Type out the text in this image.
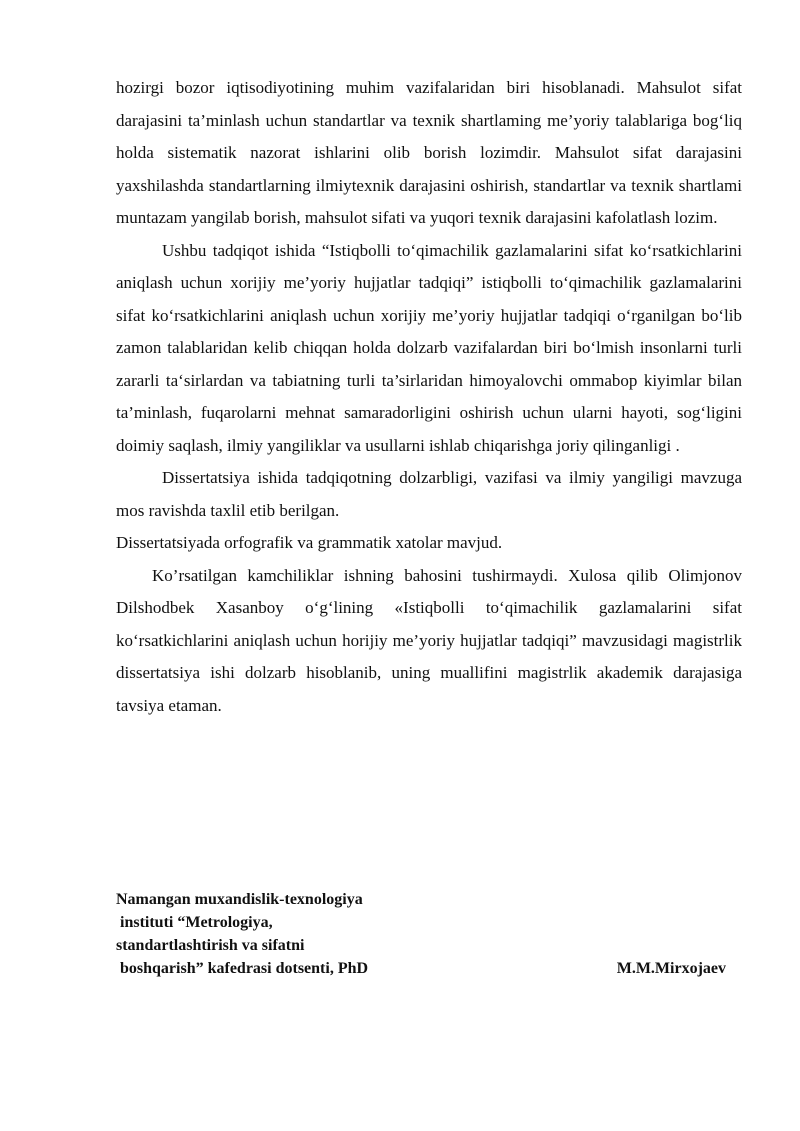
hozirgi bozor iqtisodiyotining muhim vazifalaridan biri hisoblanadi. Mahsulot sifat darajasini ta’minlash uchun standartlar va texnik shartlaming me’yoriy talablariga bog‘liq holda sistematik nazorat ishlarini olib borish lozimdir. Mahsulot sifat darajasini yaxshilashda standartlarning ilmiytexnik darajasini oshirish, standartlar va texnik shartlami muntazam yangilab borish, mahsulot sifati va yuqori texnik darajasini kafolatlash lozim.

Ushbu tadqiqot ishida “Istiqbolli to‘qimachilik gazlamalarini sifat ko‘rsatkichlarini aniqlash uchun xorijiy me’yoriy hujjatlar tadqiqi” istiqbolli to‘qimachilik gazlamalarini sifat ko‘rsatkichlarini aniqlash uchun xorijiy me’yoriy hujjatlar tadqiqi o‘rganilgan bo‘lib zamon talablaridan kelib chiqqan holda dolzarb vazifalardan biri bo‘lmish insonlarni turli zararli ta‘sirlardan va tabiatning turli ta’sirlaridan himoyalovchi ommabop kiyimlar bilan ta’minlash, fuqarolarni mehnat samaradorligini oshirish uchun ularni hayoti, sog‘ligini doimiy saqlash, ilmiy yangiliklar va usullarni ishlab chiqarishga joriy qilinganligi .

Dissertatsiya ishida tadqiqotning dolzarbligi, vazifasi va ilmiy yangiligi mavzuga mos ravishda taxlil etib berilgan.

Dissertatsiyada orfografik va grammatik xatolar mavjud.

Ko’rsatilgan kamchiliklar ishning bahosini tushirmaydi. Xulosa qilib Olimjonov Dilshodbek Xasanboy o‘g‘lining «Istiqbolli to‘qimachilik gazlamalarini sifat ko‘rsatkichlarini aniqlash uchun horijiy me’yoriy hujjatlar tadqiqi” mavzusidagi magistrlik dissertatsiya ishi dolzarb hisoblanib, uning muallifini magistrlik akademik darajasiga tavsiya etaman.

Namangan muxandislik-texnologiya
instituti “Metrologiya,
standartlashtirish va sifatni
boshqarish” kafedrasi dotsenti, PhD	M.M.Mirxojaev
